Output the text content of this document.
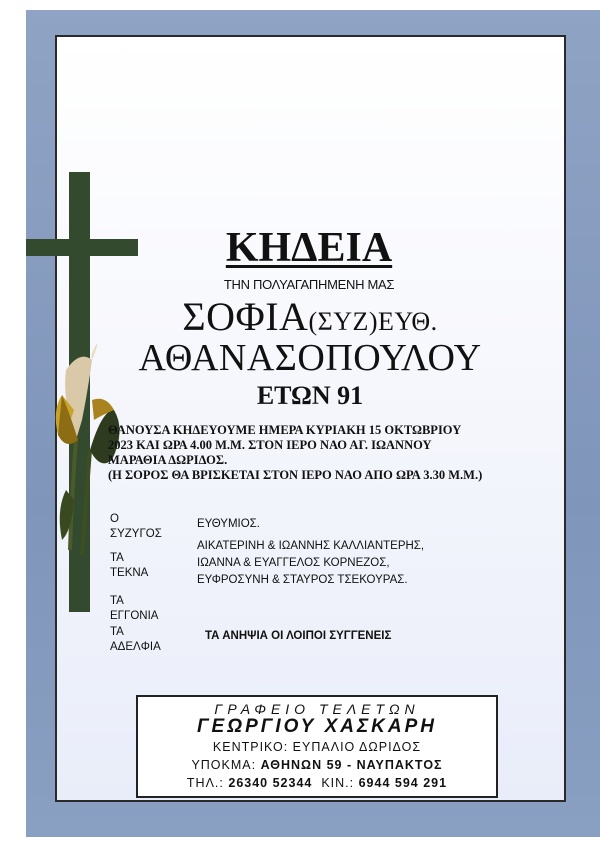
ΚΗΔΕΙΑ
ΤΗΝ ΠΟΛΥΑΓΑΠΗΜΕΝΗ ΜΑΣ
ΣΟΦΙΑ(ΣΥΖ)ΕΥΘ.
ΑΘΑΝΑΣΟΠΟΥΛΟΥ
ΕΤΩΝ 91
ΘΑΝΟΥΣΑ ΚΗΔΕΥΟΥΜΕ ΗΜΕΡΑ ΚΥΡΙΑΚΗ 15 ΟΚΤΩΒΡΙΟΥ
2023 ΚΑΙ ΩΡΑ 4.00 Μ.Μ. ΣΤΟΝ ΙΕΡΟ ΝΑΟ ΑΓ. ΙΩΑΝΝΟΥ
ΜΑΡΑΘΙΑ ΔΩΡΙΔΟΣ.
(Η ΣΟΡΟΣ ΘΑ ΒΡΙΣΚΕΤΑΙ ΣΤΟΝ ΙΕΡΟ ΝΑΟ ΑΠΟ ΩΡΑ 3.30 Μ.Μ.)
Ο
ΣΥΖΥΓΟΣ
ΕΥΘΥΜΙΟΣ.
ΤΑ
ΤΕΚΝΑ
ΑΙΚΑΤΕΡΙΝΗ & ΙΩΑΝΝΗΣ ΚΑΛΛΙΑΝΤΕΡΗΣ,
ΙΩΑΝΝΑ & ΕΥΑΓΓΕΛΟΣ ΚΟΡΝΕΖΟΣ,
ΕΥΦΡΟΣΥΝΗ & ΣΤΑΥΡΟΣ ΤΣΕΚΟΥΡΑΣ.
ΤΑ
ΕΓΓΟΝΙΑ
ΤΑ
ΑΔΕΛΦΙΑ
ΤΑ ΑΝΗΨΙΑ ΟΙ ΛΟΙΠΟΙ ΣΥΓΓΕΝΕΙΣ
ΓΡΑΦΕΙΟ ΤΕΛΕΤΩΝ
ΓΕΩΡΓΙΟΥ ΧΑΣΚΑΡΗ
ΚΕΝΤΡΙΚΟ: ΕΥΠΑΛΙΟ ΔΩΡΙΔΟΣ
ΥΠΟΚΜΑ: ΑΘΗΝΩΝ 59 - ΝΑΥΠΑΚΤΟΣ
ΤΗΛ.: 26340 52344 ΚΙΝ.: 6944 594 291
